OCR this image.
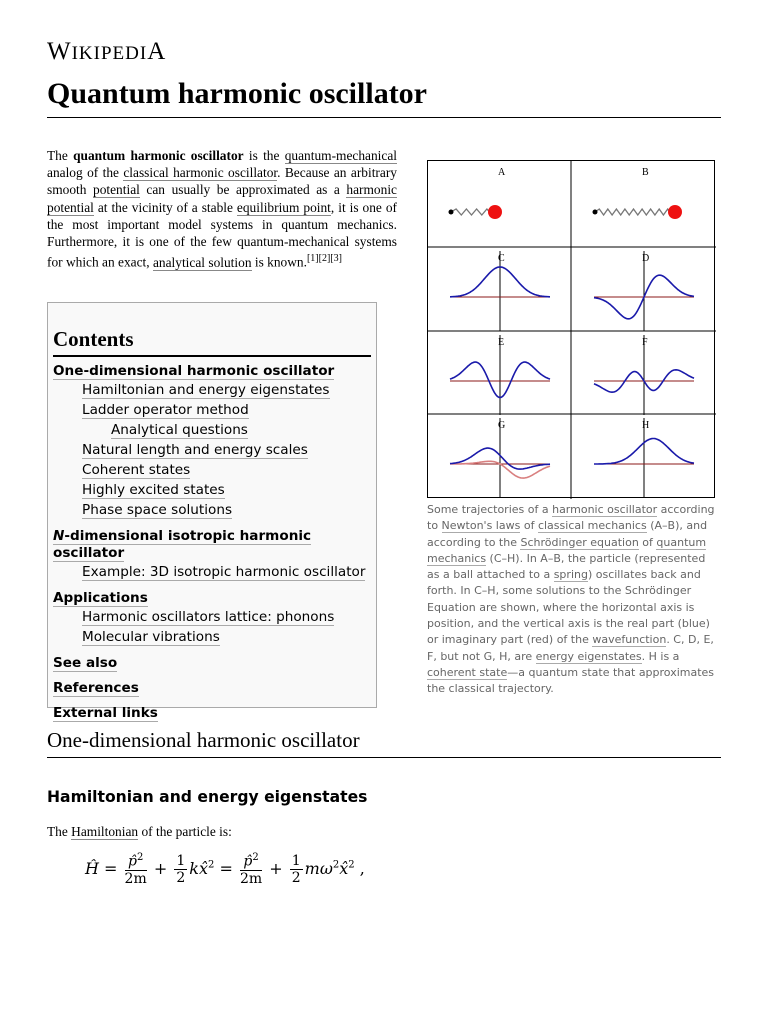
WIKIPEDIA
Quantum harmonic oscillator

The quantum harmonic oscillator is the quantum-mechanical analog of the classical harmonic oscillator. Because an arbitrary smooth potential can usually be approximated as a harmonic potential at the vicinity of a stable equilibrium point, it is one of the most important model systems in quantum mechanics. Furthermore, it is one of the few quantum-mechanical systems for which an exact, analytical solution is known.[1][2][3]

Contents
One-dimensional harmonic oscillator
Hamiltonian and energy eigenstates
Ladder operator method
Analytical questions
Natural length and energy scales
Coherent states
Highly excited states
Phase space solutions
N-dimensional isotropic harmonic oscillator
Example: 3D isotropic harmonic oscillator
Applications
Harmonic oscillators lattice: phonons
Molecular vibrations
See also
References
External links
A	B
C	D
E	F
G	H

Some trajectories of a harmonic oscillator according to Newton's laws of classical mechanics (A–B), and according to the Schrödinger equation of quantum mechanics (C–H). In A–B, the particle (represented as a ball attached to a spring) oscillates back and forth. In C–H, some solutions to the Schrödinger Equation are shown, where the horizontal axis is position, and the vertical axis is the real part (blue) or imaginary part (red) of the wavefunction. C, D, E, F, but not G, H, are energy eigenstates. H is a coherent state—a quantum state that approximates the classical trajectory.

One-dimensional harmonic oscillator
Hamiltonian and energy eigenstates

The Hamiltonian of the particle is:

Ĥ = $\frac{p̂^2}{2m} + \frac{1}{2}$ kx̂$^2$ = $\frac{p̂^2}{2m} + \frac{1}{2}$ $m\omega^2x̂^2$ ,
